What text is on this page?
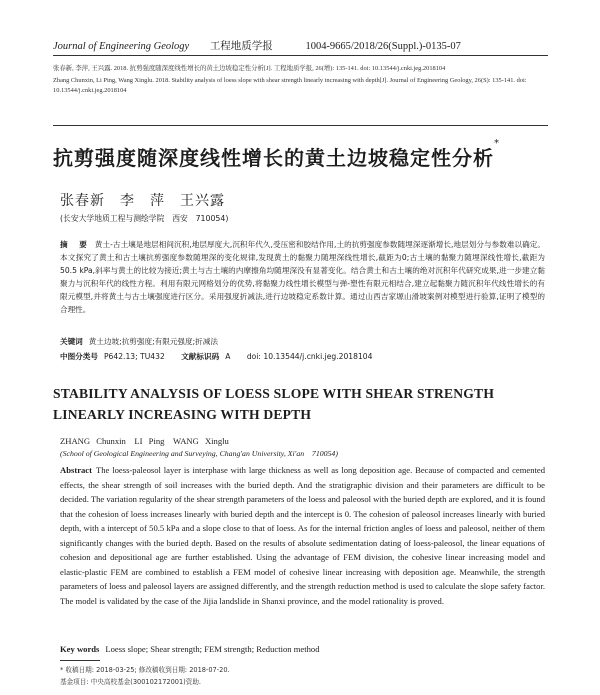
Journal of Engineering Geology 工程地质学报	1004-9665/2018/26(Suppl.)-0135-07

张春新, 李萍, 王兴露. 2018. 抗剪强度随深度线性增长的黄土边坡稳定性分析[J]. 工程地质学报, 26(增): 135-141. doi: 10.13544/j.cnki.jeg.2018104

Zhang Chunxin, Li Ping, Wang Xinglu. 2018. Stability analysis of loess slope with shear strength linearly increasing with depth[J]. Journal of Engineering Geology, 26(S): 135-141. doi: 10.13544/j.cnki.jeg.2018104

抗剪强度随深度线性增长的黄土边坡稳定性分析*
张春新　李　萍　王兴露
(长安大学地质工程与测绘学院　西安　710054)
摘　要 黄土-古土壤是地层相间沉积,地层厚度大,沉积年代久,受压密和胶结作用,土的抗剪强度参数随埋深逐渐增长,地层划分与参数难以确定。本文探究了黄土和古土壤抗剪强度参数随埋深的变化规律,发现黄土的黏聚力随埋深线性增长,截距为0;古土壤的黏聚力随埋深线性增长,截距为50.5 kPa,斜率与黄土的比较为接近;黄土与古土壤的内摩擦角均随埋深没有显著变化。结合黄土和古土壤的绝对沉积年代研究成果,进一步建立黏聚力与沉积年代的线性方程。利用有限元网格划分的优势,将黏聚力线性增长模型与弹-塑性有限元相结合,建立起黏聚力随沉积年代线性增长的有限元模型,并将黄土与古土壤强度进行区分。采用强度折减法,进行边坡稳定系数计算。通过山西吉家塬山滑坡案例对模型进行验算,证明了模型的合理性。
关键词 黄土边坡;抗剪强度;有限元强度;折减法
中图分类号 P642.13; TU432 文献标识码 A doi: 10.13544/j.cnki.jeg.2018104
STABILITY ANALYSIS OF LOESS SLOPE WITH SHEAR STRENGTH LINEARLY INCREASING WITH DEPTH
ZHANG Chunxin　LI Ping　WANG Xinglu
(School of Geological Engineering and Surveying, Chang'an University, Xi'an　710054)
Abstract The loess-paleosol layer is interphase with large thickness as well as long deposition age. Because of compacted and cemented effects, the shear strength of soil increases with the buried depth. And the stratigraphic division and their parameters are difficult to be decided. The variation regularity of the shear strength parameters of the loess and paleosol with the buried depth are explored, and it is found that the cohesion of loess increases linearly with buried depth and the intercept is 0. The cohesion of paleosol increases linearly with buried depth, with a intercept of 50.5 kPa and a slope close to that of loess. As for the internal friction angles of loess and paleosol, neither of them significantly changes with the buried depth. Based on the results of absolute sedimentation dating of loess-paleosol, the linear equations of cohesion and depositional age are further established. Using the advantage of FEM division, the cohesive linear increasing model and elastic-plastic FEM are combined to establish a FEM model of cohesive linear increasing with deposition age. Meanwhile, the strength parameters of loess and paleosol layers are assigned differently, and the strength reduction method is used to calculate the slope safety factor. The model is validated by the case of the Jijia landslide in Shanxi province, and the model rationality is proved.
Key words Loess slope; Shear strength; FEM strength; Reduction method

* 收稿日期: 2018-03-25; 修改稿收到日期: 2018-07-20.

基金项目: 中央高校基金(300102172001)资助.
